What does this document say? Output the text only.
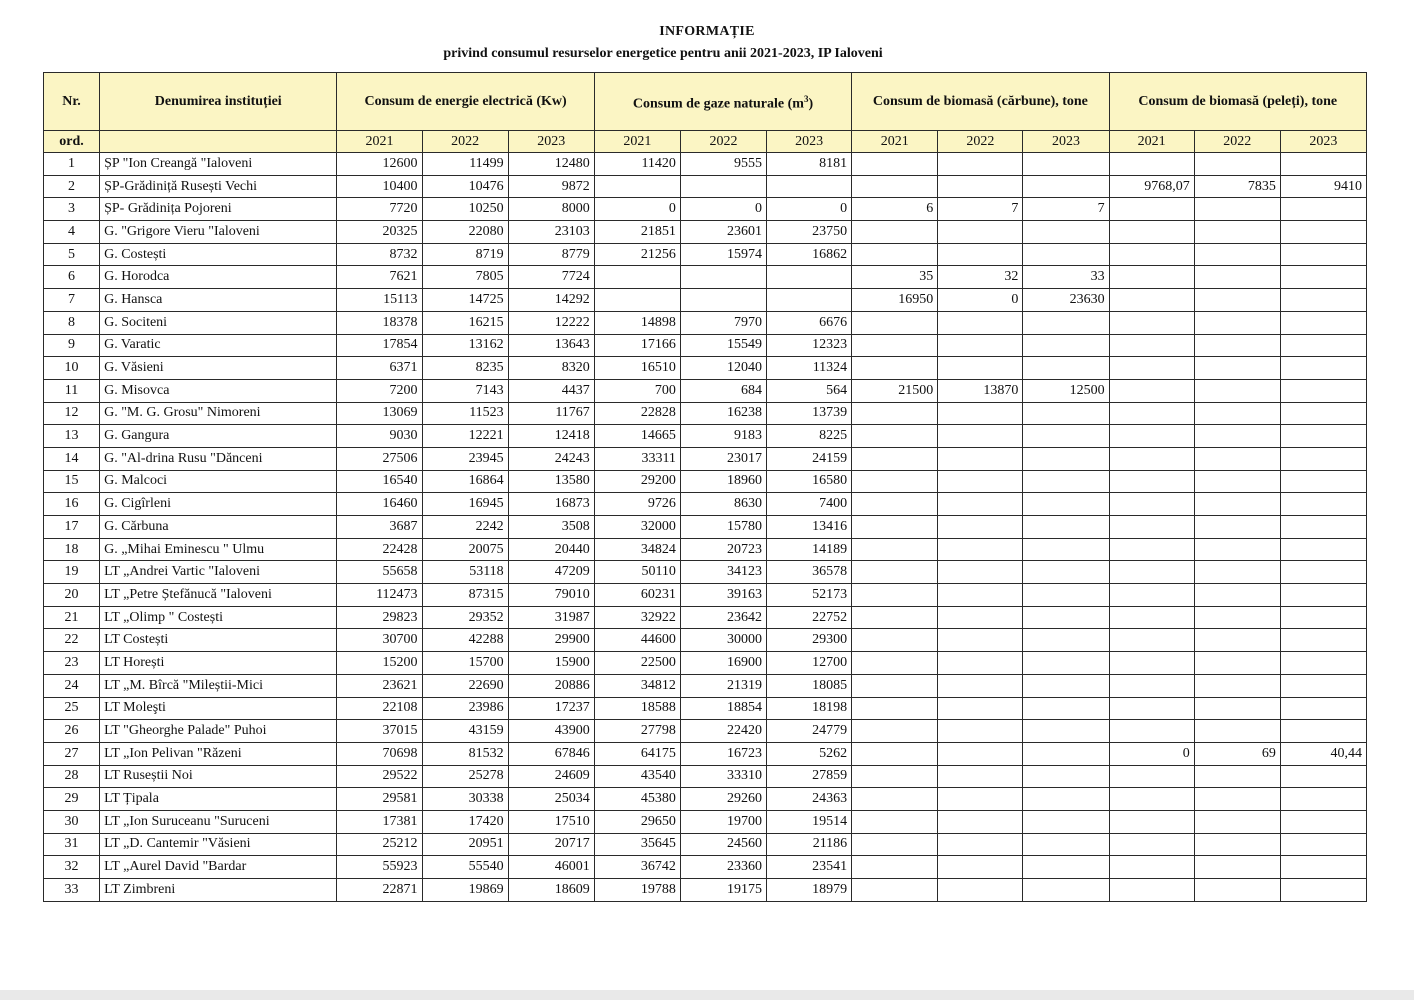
INFORMAȚIE
privind consumul resurselor energetice pentru anii 2021-2023, IP Ialoveni
Nr.	Denumirea instituției	Consum de energie electrică (Kw)			Consum de gaze naturale $(m^3)$			Consum de biomasă (cărbune), tone			Consum de biomasă (peleți), tone		
ord.		2021	2022	2023	2021	2022	2023	2021	2022	2023	2021	2022	2023
1	ȘP "Ion Creangă "Ialoveni	12600	11499	12480	11420	9555	8181						
2	ȘP-Grădiniță Rusești Vechi	10400	10476	9872							9768,07	7835	9410
3	ȘP- Grădinița Pojoreni	7720	10250	8000	0	0	0	6	7	7			
4	G. "Grigore Vieru "Ialoveni	20325	22080	23103	21851	23601	23750						
5	G. Costești	8732	8719	8779	21256	15974	16862						
6	G. Horodca	7621	7805	7724				35	32	33			
7	G. Hansca	15113	14725	14292				16950	0	23630			
8	G. Sociteni	18378	16215	12222	14898	7970	6676						
9	G. Varatic	17854	13162	13643	17166	15549	12323						
10	G. Văsieni	6371	8235	8320	16510	12040	11324						
11	G. Misovca	7200	7143	4437	700	684	564	21500	13870	12500			
12	G. "M. G. Grosu" Nimoreni	13069	11523	11767	22828	16238	13739						
13	G. Gangura	9030	12221	12418	14665	9183	8225						
14	G. "Al-drina Rusu "Dănceni	27506	23945	24243	33311	23017	24159						
15	G. Malcoci	16540	16864	13580	29200	18960	16580						
16	G. Cigîrleni	16460	16945	16873	9726	8630	7400						
17	G. Cărbuna	3687	2242	3508	32000	15780	13416						
18	G. „Mihai Eminescu " Ulmu	22428	20075	20440	34824	20723	14189						
19	LT „Andrei Vartic "Ialoveni	55658	53118	47209	50110	34123	36578						
20	LT „Petre Ștefănucă "Ialoveni	112473	87315	79010	60231	39163	52173						
21	LT „Olimp " Costești	29823	29352	31987	32922	23642	22752						
22	LT Costești	30700	42288	29900	44600	30000	29300						
23	LT Horești	15200	15700	15900	22500	16900	12700						
24	LT „M. Bîrcă "Mileștii-Mici	23621	22690	20886	34812	21319	18085						
25	LT Moleşti	22108	23986	17237	18588	18854	18198						
26	LT "Gheorghe Palade" Puhoi	37015	43159	43900	27798	22420	24779						
27	LT „Ion Pelivan "Răzeni	70698	81532	67846	64175	16723	5262				0	69	40,44
28	LT Ruseștii Noi	29522	25278	24609	43540	33310	27859						
29	LT Țipala	29581	30338	25034	45380	29260	24363						
30	LT „Ion Suruceanu "Suruceni	17381	17420	17510	29650	19700	19514						
31	LT „D. Cantemir "Văsieni	25212	20951	20717	35645	24560	21186						
32	LT „Aurel David "Bardar	55923	55540	46001	36742	23360	23541						
33	LT Zimbreni	22871	19869	18609	19788	19175	18979						
